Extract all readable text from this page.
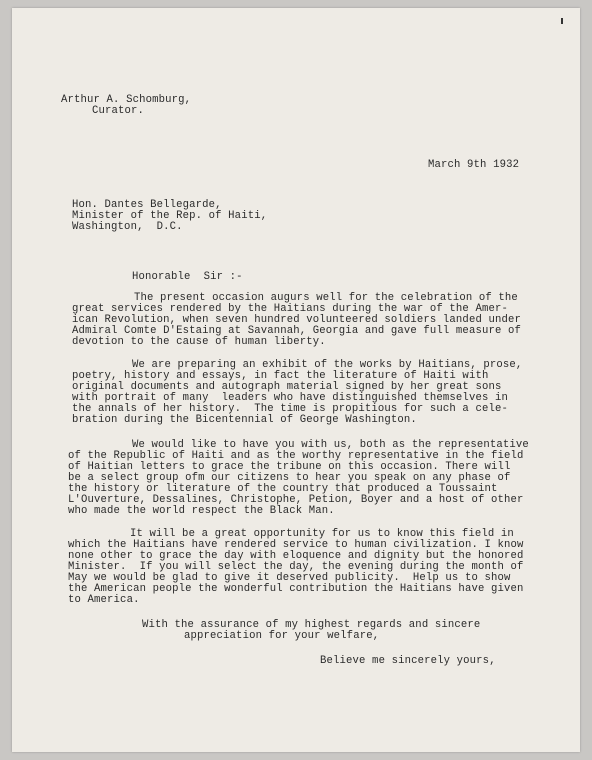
Arthur A. Schomburg,
Curator.
March 9th 1932
Hon. Dantes Bellegarde,
Minister of the Rep. of Haiti,
Washington,  D.C.
Honorable  Sir :-
The present occasion augurs well for the celebration of the
great services rendered by the Haitians during the war of the Amer-
ican Revolution, when seven hundred volunteered soldiers landed under
Admiral Comte D'Estaing at Savannah, Georgia and gave full measure of
devotion to the cause of human liberty.
We are preparing an exhibit of the works by Haitians, prose,
poetry, history and essays, in fact the literature of Haiti with
original documents and autograph material signed by her great sons
with portrait of many  leaders who have distinguished themselves in
the annals of her history.  The time is propitious for such a cele-
bration during the Bicentennial of George Washington.
We would like to have you with us, both as the representative
of the Republic of Haiti and as the worthy representative in the field
of Haitian letters to grace the tribune on this occasion. There will
be a select group ofm our citizens to hear you speak on any phase of
the history or literature of the country that produced a Toussaint
L'Ouverture, Dessalines, Christophe, Petion, Boyer and a host of other
who made the world respect the Black Man.
It will be a great opportunity for us to know this field in
which the Haitians have rendered service to human civilization. I know
none other to grace the day with eloquence and dignity but the honored
Minister.  If you will select the day, the evening during the month of
May we would be glad to give it deserved publicity.  Help us to show
the American people the wonderful contribution the Haitians have given
to America.
With the assurance of my highest regards and sincere
appreciation for your welfare,
Believe me sincerely yours,
